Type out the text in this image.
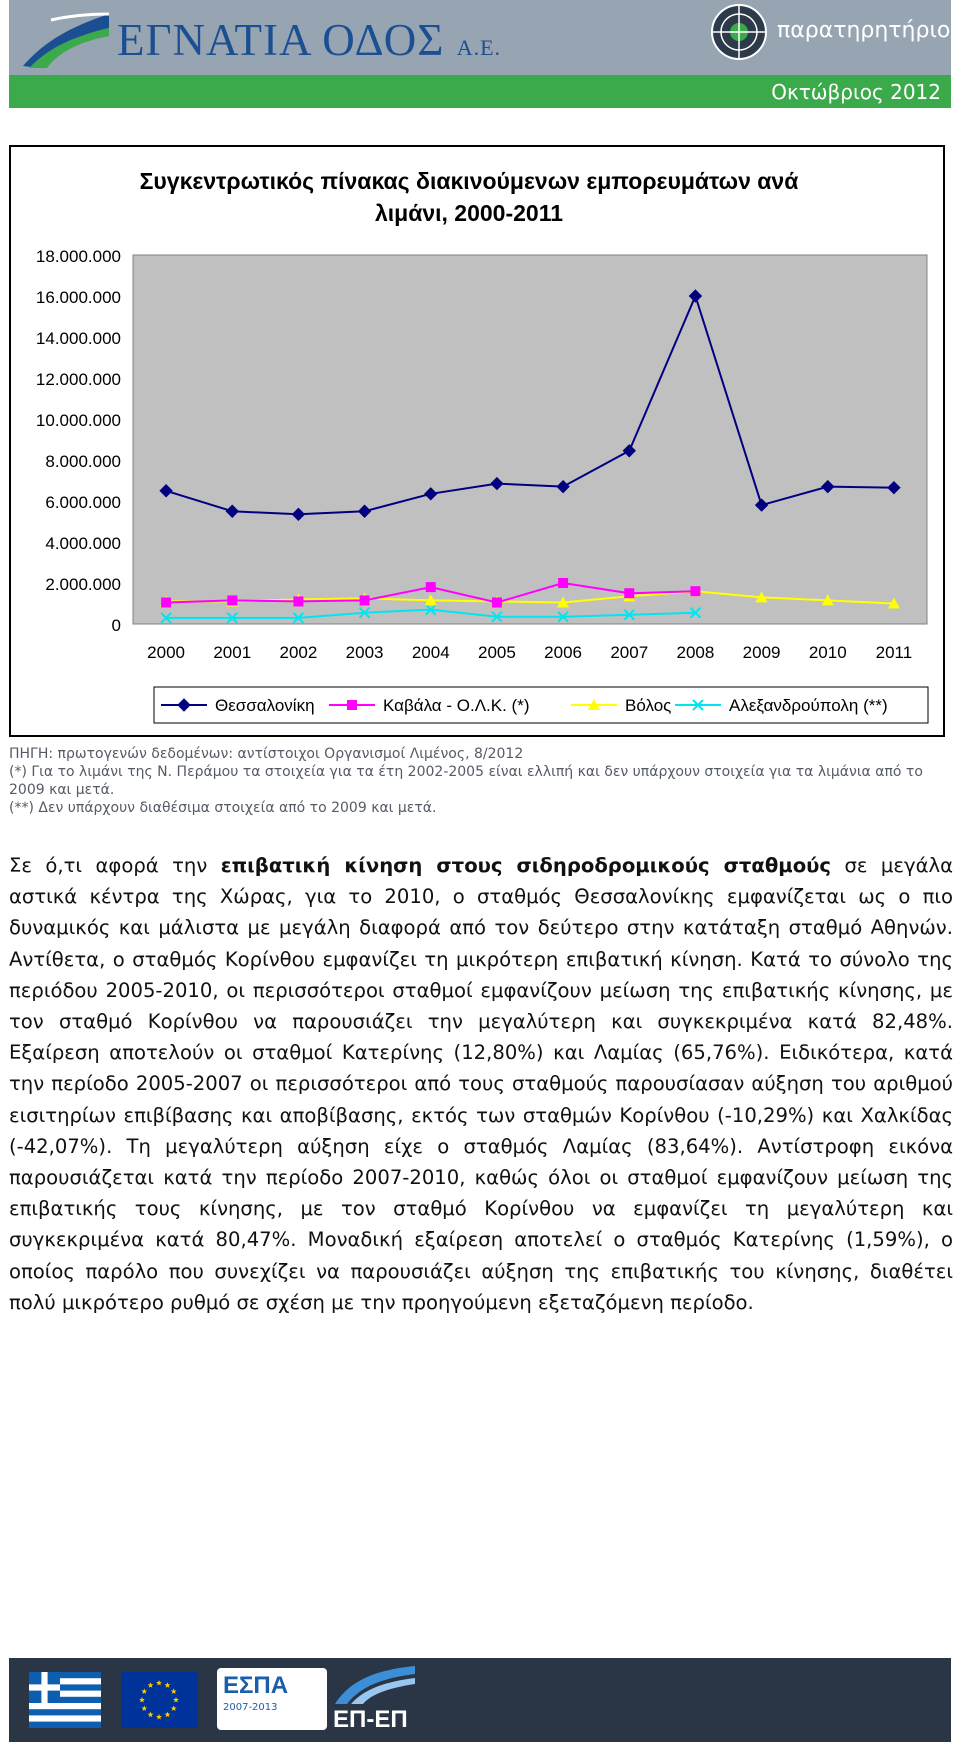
ΕΓΝΑΤΙΑ ΟΔΟΣ Α.Ε.
παρατηρητήριο
Οκτώβριος 2012
Συγκεντρωτικός πίνακας διακινούμενων εμπορευμάτων ανά λιμάνι, 2000-2011
0
2.000.000
4.000.000
6.000.000
8.000.000
10.000.000
12.000.000
14.000.000
16.000.000
18.000.000
2000 2001 2002 2003 2004 2005 2006 2007 2008 2009 2010 2011
Θεσσαλονίκη	Καβάλα - Ο.Λ.Κ. (*)	Βόλος	Αλεξανδρούπολη (**)

ΠΗΓΗ: πρωτογενών δεδομένων: αντίστοιχοι Οργανισμοί Λιμένος, 8/2012

(*) Για το λιμάνι της Ν. Περάμου τα στοιχεία για τα έτη 2002-2005 είναι ελλιπή και δεν υπάρχουν στοιχεία για τα λιμάνια από το 2009 και μετά.

(**) Δεν υπάρχουν διαθέσιμα στοιχεία από το 2009 και μετά.

Σε ό,τι αφορά την επιβατική κίνηση στους σιδηροδρομικούς σταθμούς σε μεγάλα αστικά κέντρα της Χώρας, για το 2010, ο σταθμός Θεσσαλονίκης εμφανίζεται ως ο πιο δυναμικός και μάλιστα με μεγάλη διαφορά από τον δεύτερο στην κατάταξη σταθμό Αθηνών. Αντίθετα, ο σταθμός Κορίνθου εμφανίζει τη μικρότερη επιβατική κίνηση. Κατά το σύνολο της περιόδου 2005-2010, οι περισσότεροι σταθμοί εμφανίζουν μείωση της επιβατικής κίνησης, με τον σταθμό Κορίνθου να παρουσιάζει την μεγαλύτερη και συγκεκριμένα κατά 82,48%. Εξαίρεση αποτελούν οι σταθμοί Κατερίνης (12,80%) και Λαμίας (65,76%). Ειδικότερα, κατά την περίοδο 2005-2007 οι περισσότεροι από τους σταθμούς παρουσίασαν αύξηση του αριθμού εισιτηρίων επιβίβασης και αποβίβασης, εκτός των σταθμών Κορίνθου (-10,29%) και Χαλκίδας (-42,07%). Τη μεγαλύτερη αύξηση είχε ο σταθμός Λαμίας (83,64%). Αντίστροφη εικόνα παρουσιάζεται κατά την περίοδο 2007-2010, καθώς όλοι οι σταθμοί εμφανίζουν μείωση της επιβατικής τους κίνησης, με τον σταθμό Κορίνθου να εμφανίζει τη μεγαλύτερη και συγκεκριμένα κατά 80,47%. Μοναδική εξαίρεση αποτελεί ο σταθμός Κατερίνης (1,59%), ο οποίος παρόλο που συνεχίζει να παρουσιάζει αύξηση της επιβατικής του κίνησης, διαθέτει πολύ μικρότερο ρυθμό σε σχέση με την προηγούμενη εξεταζόμενη περίοδο.
ΕΣΠΑ
2007-2013 ΕΠ-ΕΠ
